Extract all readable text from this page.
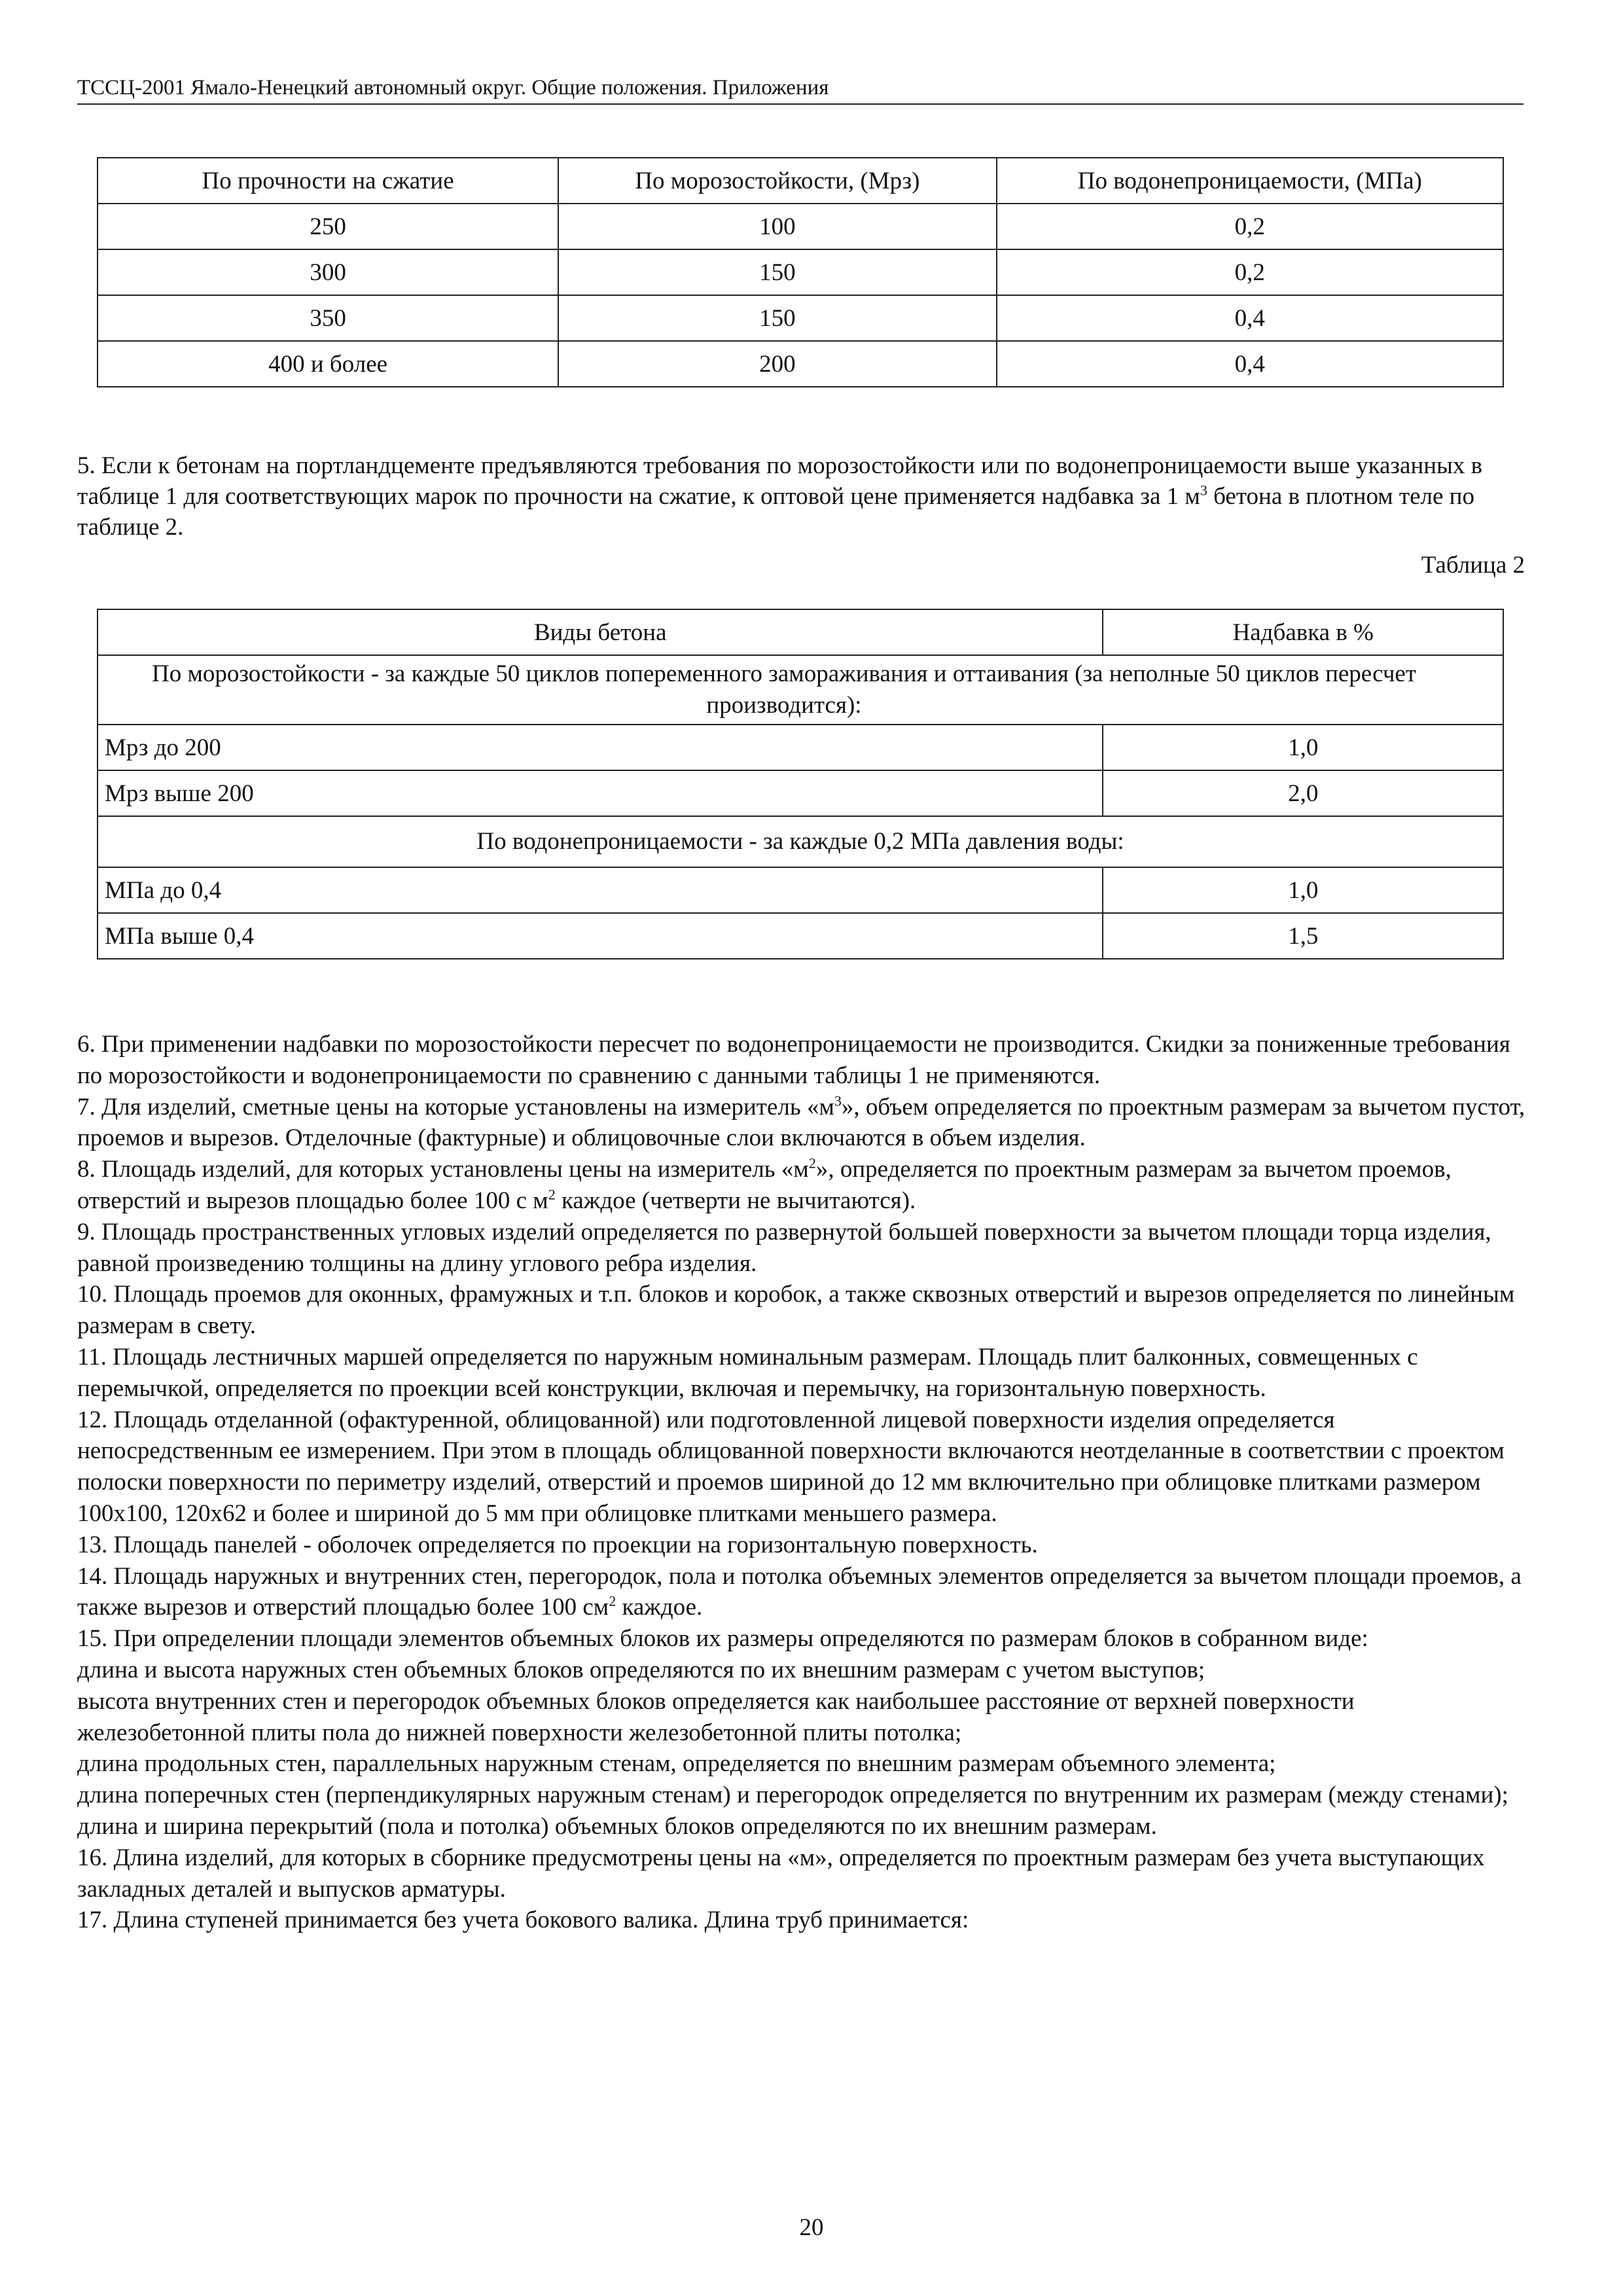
ТССЦ-2001 Ямало-Ненецкий автономный округ. Общие положения. Приложения
По прочности на сжатие	По морозостойкости, (Мрз)	По водонепроницаемости, (МПа)
250	100	0,2
300	150	0,2
350	150	0,4
400 и более	200	0,4

5. Если к бетонам на портландцементе предъявляются требования по морозостойкости или по водонепроницаемости выше указанных в таблице 1 для соответствующих марок по прочности на сжатие, к оптовой цене применяется надбавка за 1 $м^3$ бетона в плотном теле по таблице 2.

Таблица 2
Виды бетона	Надбавка в %
По морозостойкости - за каждые 50 циклов попеременного замораживания и оттаивания (за неполные 50 циклов пересчет производится):	
Мрз до 200	1,0
Мрз выше 200	2,0
По водонепроницаемости - за каждые 0,2 МПа давления воды:	
МПа до 0,4	1,0
МПа выше 0,4	1,5

6. При применении надбавки по морозостойкости пересчет по водонепроницаемости не производится. Скидки за пониженные требования по морозостойкости и водонепроницаемости по сравнению с данными таблицы 1 не применяются.

7. Для изделий, сметные цены на которые установлены на измеритель «$м^3$», объем определяется по проектным размерам за вычетом пустот, проемов и вырезов. Отделочные (фактурные) и облицовочные слои включаются в объем изделия.

8. Площадь изделий, для которых установлены цены на измеритель «$м^2$», определяется по проектным размерам за вычетом проемов, отверстий и вырезов площадью более 100 с $м^2$ каждое (четверти не вычитаются).

9. Площадь пространственных угловых изделий определяется по развернутой большей поверхности за вычетом площади торца изделия, равной произведению толщины на длину углового ребра изделия.

10. Площадь проемов для оконных, фрамужных и т.п. блоков и коробок, а также сквозных отверстий и вырезов определяется по линейным размерам в свету.

11. Площадь лестничных маршей определяется по наружным номинальным размерам. Площадь плит балконных, совмещенных с перемычкой, определяется по проекции всей конструкции, включая и перемычку, на горизонтальную поверхность.

12. Площадь отделанной (офактуренной, облицованной) или подготовленной лицевой поверхности изделия определяется непосредственным ее измерением. При этом в площадь облицованной поверхности включаются неотделанные в соответствии с проектом полоски поверхности по периметру изделий, отверстий и проемов шириной до 12 мм включительно при облицовке плитками размером 100х100, 120х62 и более и шириной до 5 мм при облицовке плитками меньшего размера.

13. Площадь панелей - оболочек определяется по проекции на горизонтальную поверхность.

14. Площадь наружных и внутренних стен, перегородок, пола и потолка объемных элементов определяется за вычетом площади проемов, а также вырезов и отверстий площадью более 100 $см^2$ каждое.

15. При определении площади элементов объемных блоков их размеры определяются по размерам блоков в собранном виде:

длина и высота наружных стен объемных блоков определяются по их внешним размерам с учетом выступов;

высота внутренних стен и перегородок объемных блоков определяется как наибольшее расстояние от верхней поверхности железобетонной плиты пола до нижней поверхности железобетонной плиты потолка;

длина продольных стен, параллельных наружным стенам, определяется по внешним размерам объемного элемента;

длина поперечных стен (перпендикулярных наружным стенам) и перегородок определяется по внутренним их размерам (между стенами);

длина и ширина перекрытий (пола и потолка) объемных блоков определяются по их внешним размерам.

16. Длина изделий, для которых в сборнике предусмотрены цены на «м», определяется по проектным размерам без учета выступающих закладных деталей и выпусков арматуры.

17. Длина ступеней принимается без учета бокового валика. Длина труб принимается:

20
